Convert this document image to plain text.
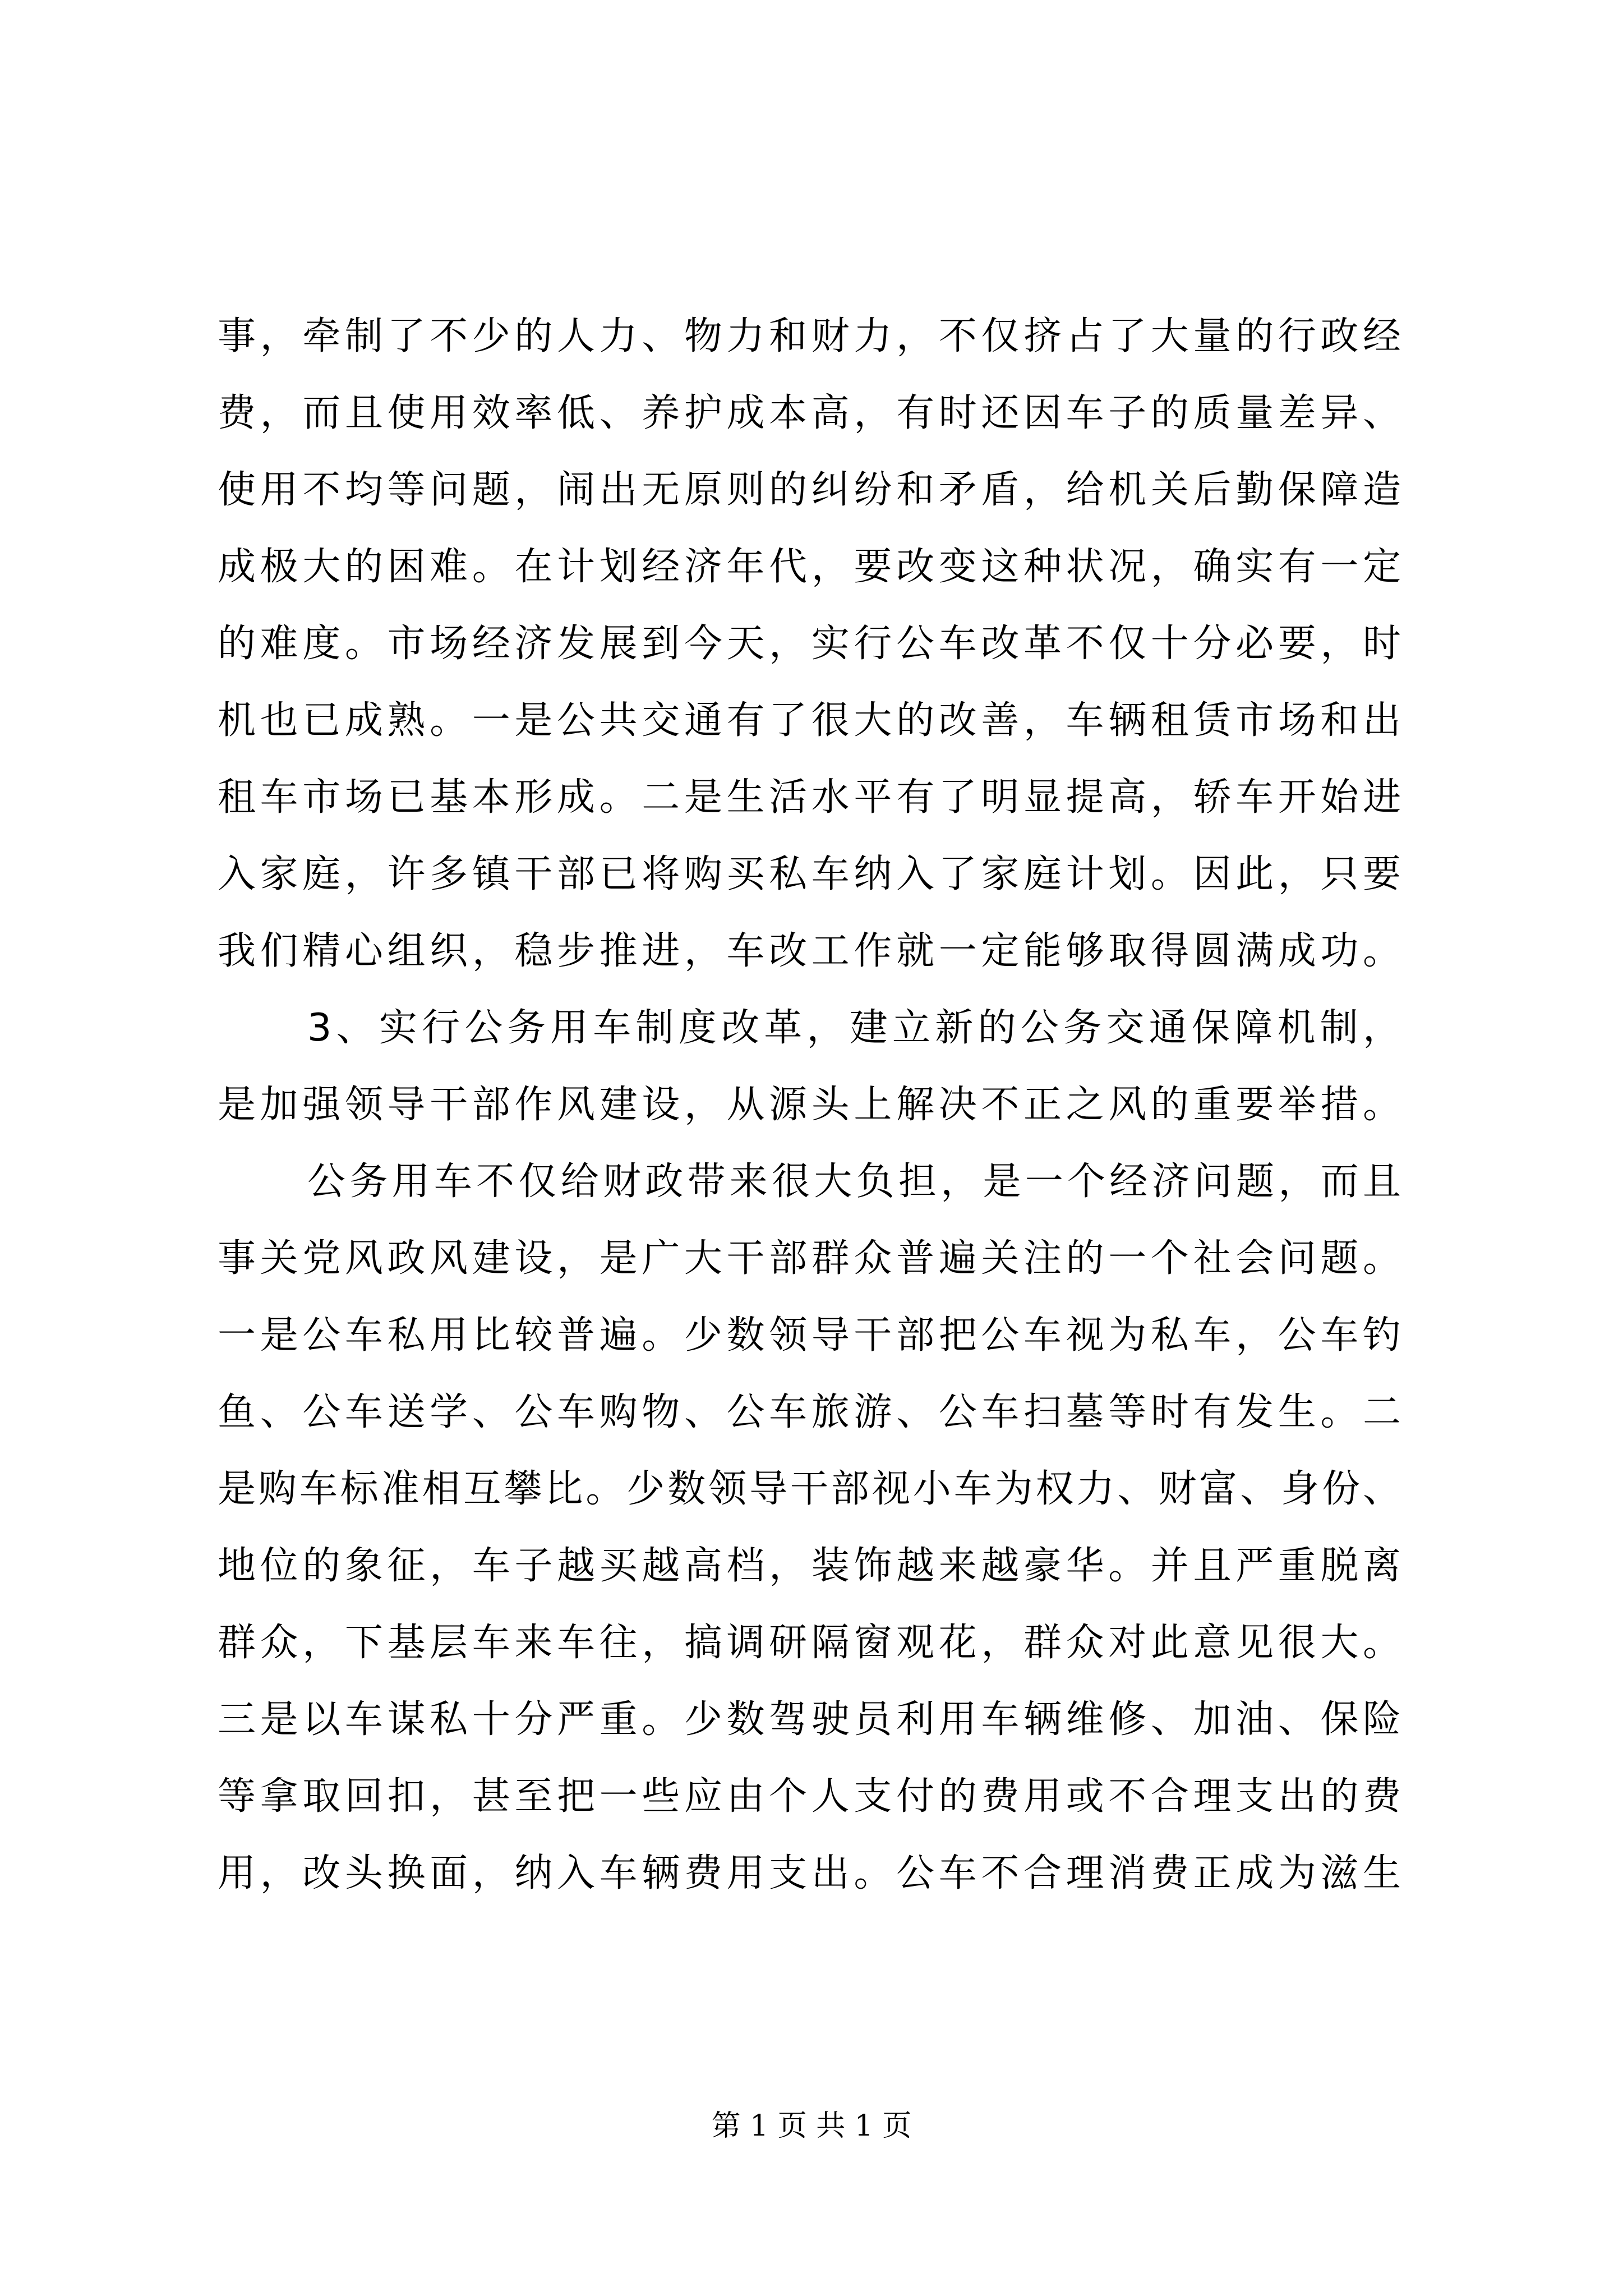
事，牵制了不少的人力、物力和财力，不仅挤占了大量的行政经
费，而且使用效率低、养护成本高，有时还因车子的质量差异、
使用不均等问题，闹出无原则的纠纷和矛盾，给机关后勤保障造
成极大的困难。在计划经济年代，要改变这种状况，确实有一定
的难度。市场经济发展到今天，实行公车改革不仅十分必要，时
机也已成熟。一是公共交通有了很大的改善，车辆租赁市场和出
租车市场已基本形成。二是生活水平有了明显提高，轿车开始进
入家庭，许多镇干部已将购买私车纳入了家庭计划。因此，只要
我们精心组织，稳步推进，车改工作就一定能够取得圆满成功。
3、实行公务用车制度改革，建立新的公务交通保障机制，
是加强领导干部作风建设，从源头上解决不正之风的重要举措。
公务用车不仅给财政带来很大负担，是一个经济问题，而且
事关党风政风建设，是广大干部群众普遍关注的一个社会问题。
一是公车私用比较普遍。少数领导干部把公车视为私车，公车钓
鱼、公车送学、公车购物、公车旅游、公车扫墓等时有发生。二
是购车标准相互攀比。少数领导干部视小车为权力、财富、身份、
地位的象征，车子越买越高档，装饰越来越豪华。并且严重脱离
群众，下基层车来车往，搞调研隔窗观花，群众对此意见很大。
三是以车谋私十分严重。少数驾驶员利用车辆维修、加油、保险
等拿取回扣，甚至把一些应由个人支付的费用或不合理支出的费
用，改头换面，纳入车辆费用支出。公车不合理消费正成为滋生
第 1 页 共 1 页
